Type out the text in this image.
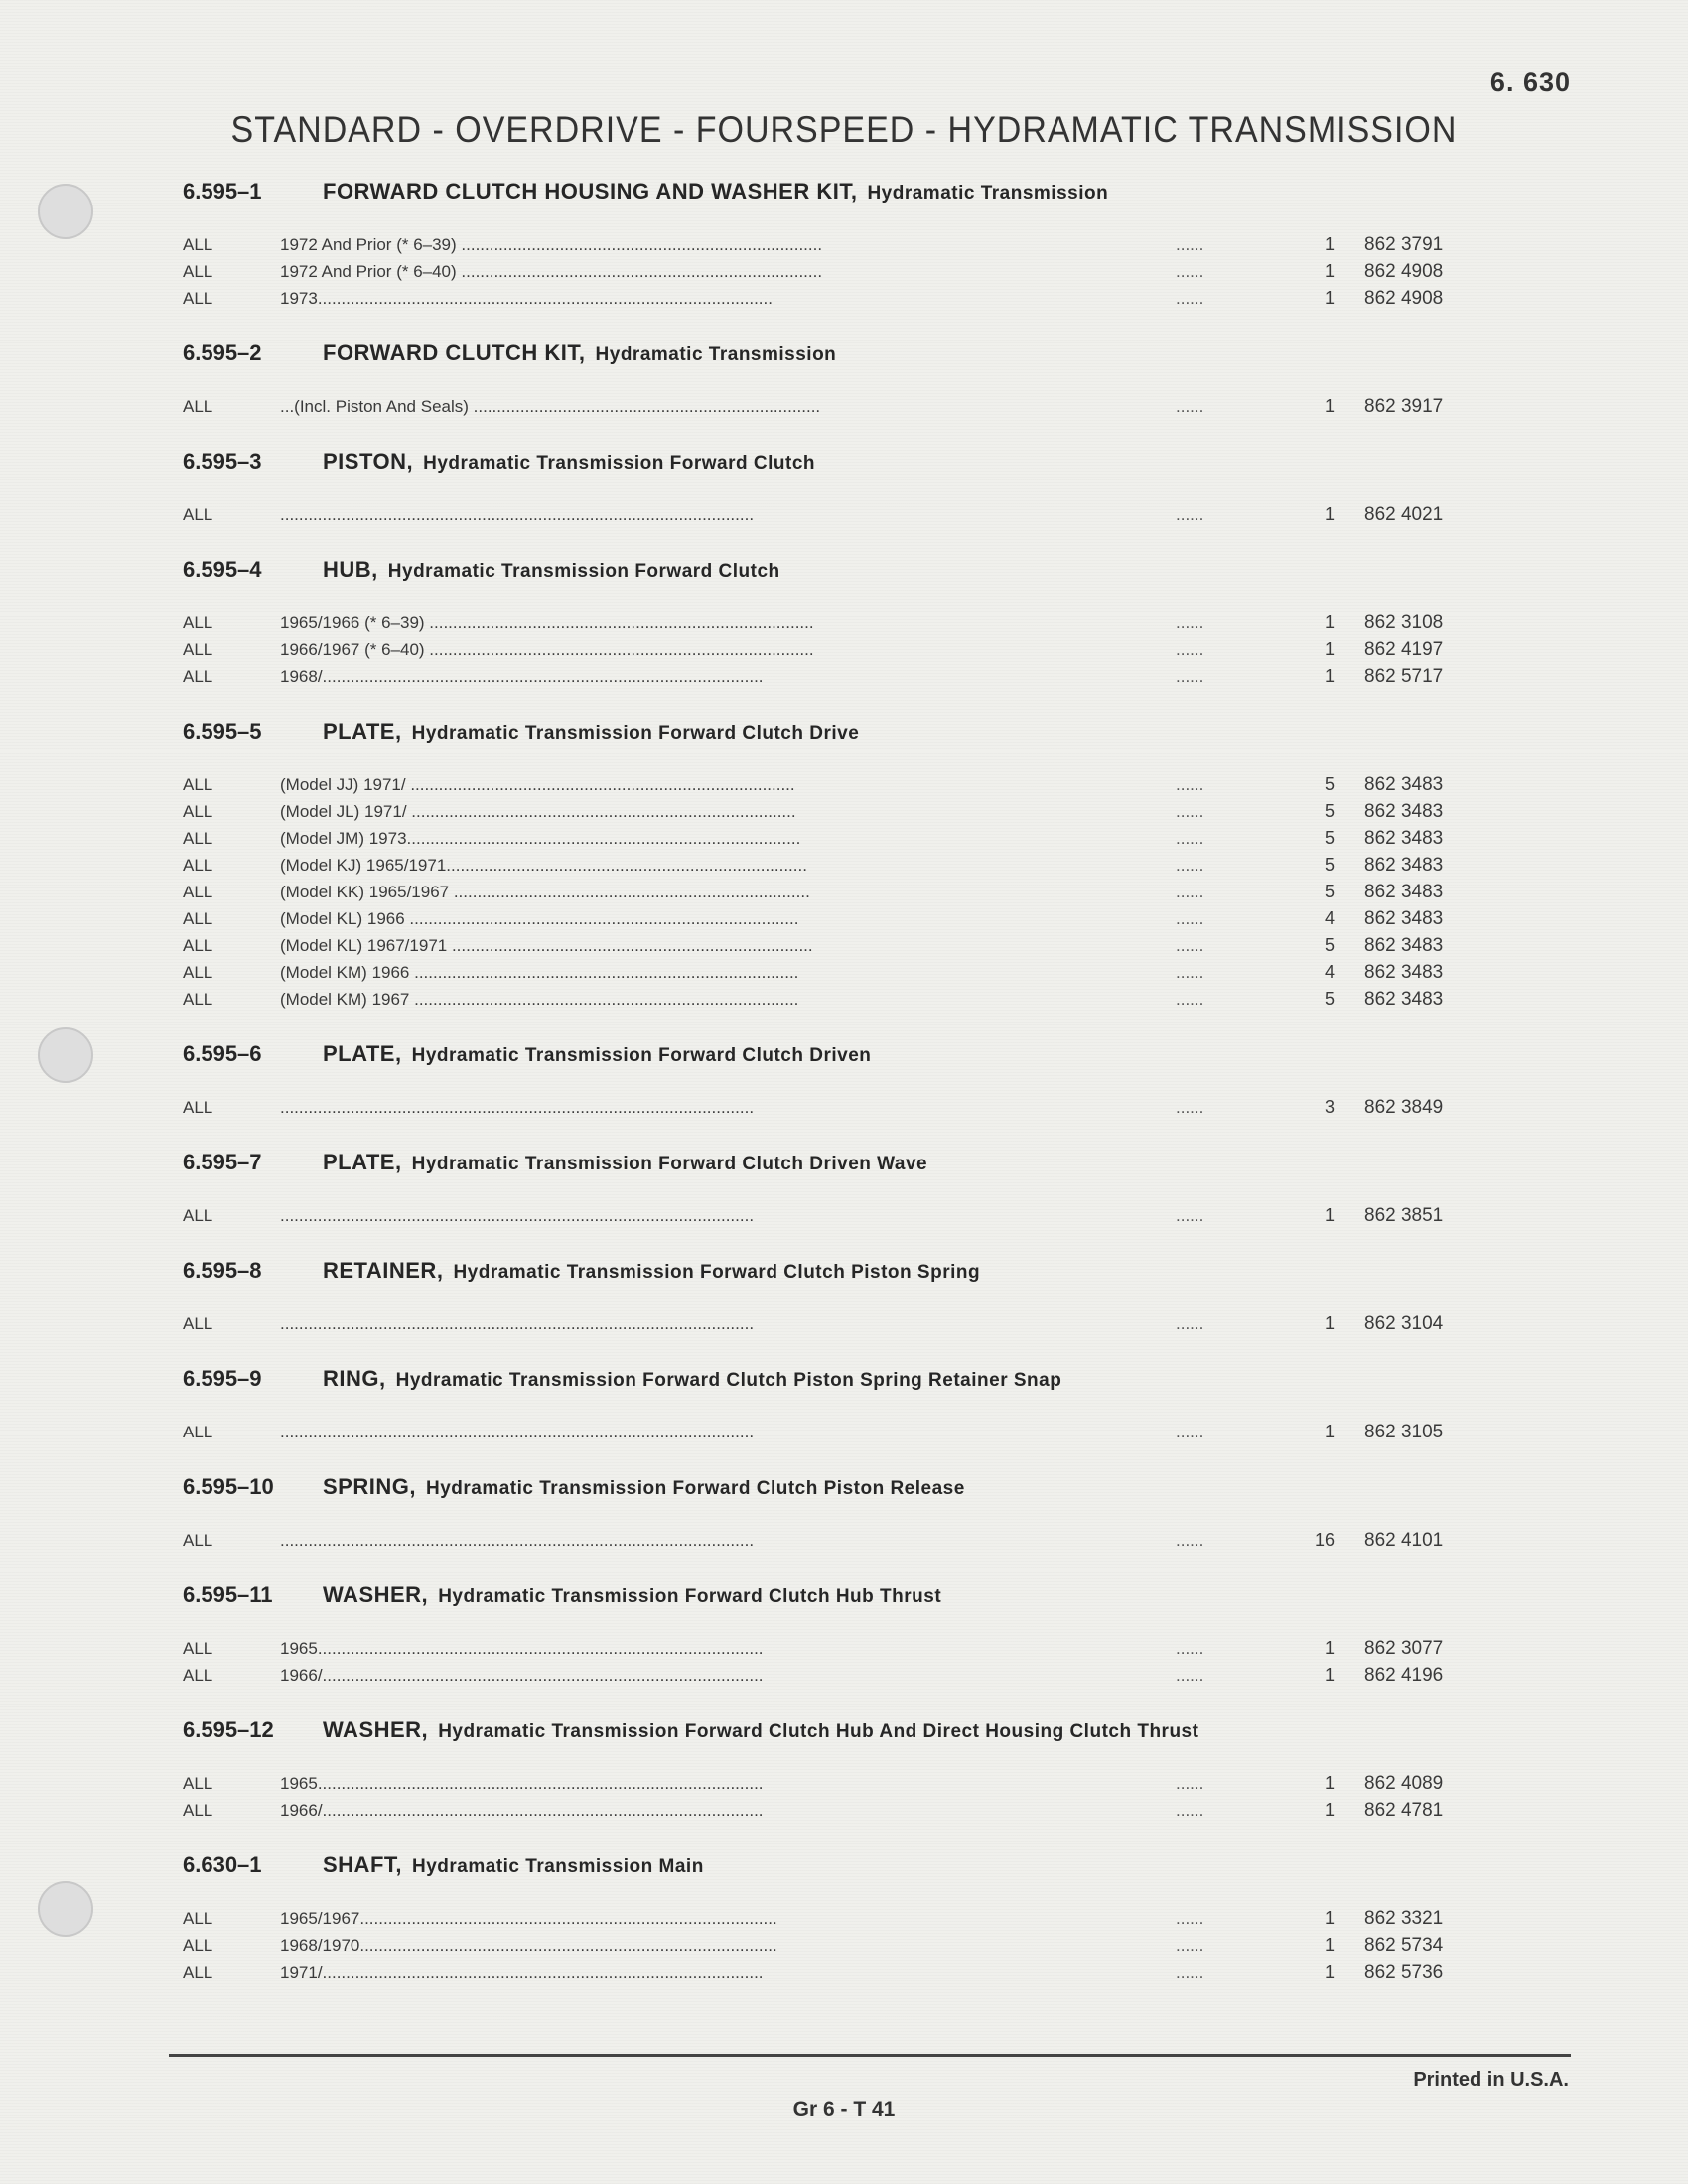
6. 630
STANDARD - OVERDRIVE - FOURSPEED - HYDRAMATIC TRANSMISSION
6.595–1	FORWARD CLUTCH HOUSING AND WASHER KIT, Hydramatic Transmission
ALL	1972 And Prior (* 6–39) .............................................................................	......	1	862 3791
ALL	1972 And Prior (* 6–40) .............................................................................	......	1	862 4908
ALL	1973.................................................................................................	......	1	862 4908
6.595–2	FORWARD CLUTCH KIT, Hydramatic Transmission
ALL	...(Incl. Piston And Seals) ..........................................................................	......	1	862 3917
6.595–3	PISTON, Hydramatic Transmission Forward Clutch
ALL	.....................................................................................................	......	1	862 4021
6.595–4	HUB, Hydramatic Transmission Forward Clutch
ALL	1965/1966 (* 6–39) ..................................................................................	......	1	862 3108
ALL	1966/1967 (* 6–40) ..................................................................................	......	1	862 4197
ALL	1968/..............................................................................................	......	1	862 5717
6.595–5	PLATE, Hydramatic Transmission Forward Clutch Drive
ALL	(Model JJ) 1971/ ..................................................................................	......	5	862 3483
ALL	(Model JL) 1971/ ..................................................................................	......	5	862 3483
ALL	(Model JM) 1973....................................................................................	......	5	862 3483
ALL	(Model KJ) 1965/1971.............................................................................	......	5	862 3483
ALL	(Model KK) 1965/1967 ............................................................................	......	5	862 3483
ALL	(Model KL) 1966 ...................................................................................	......	4	862 3483
ALL	(Model KL) 1967/1971 .............................................................................	......	5	862 3483
ALL	(Model KM) 1966 ..................................................................................	......	4	862 3483
ALL	(Model KM) 1967 ..................................................................................	......	5	862 3483
6.595–6	PLATE, Hydramatic Transmission Forward Clutch Driven
ALL	.....................................................................................................	......	3	862 3849
6.595–7	PLATE, Hydramatic Transmission Forward Clutch Driven Wave
ALL	.....................................................................................................	......	1	862 3851
6.595–8	RETAINER, Hydramatic Transmission Forward Clutch Piston Spring
ALL	.....................................................................................................	......	1	862 3104
6.595–9	RING, Hydramatic Transmission Forward Clutch Piston Spring Retainer Snap
ALL	.....................................................................................................	......	1	862 3105
6.595–10	SPRING, Hydramatic Transmission Forward Clutch Piston Release
ALL	.....................................................................................................	......	16	862 4101
6.595–11	WASHER, Hydramatic Transmission Forward Clutch Hub Thrust
ALL	1965...............................................................................................	......	1	862 3077
ALL	1966/..............................................................................................	......	1	862 4196
6.595–12	WASHER, Hydramatic Transmission Forward Clutch Hub And Direct Housing Clutch Thrust
ALL	1965...............................................................................................	......	1	862 4089
ALL	1966/..............................................................................................	......	1	862 4781
6.630–1	SHAFT, Hydramatic Transmission Main
ALL	1965/1967.........................................................................................	......	1	862 3321
ALL	1968/1970.........................................................................................	......	1	862 5734
ALL	1971/..............................................................................................	......	1	862 5736
Printed in U.S.A.
Gr 6 - T 41
